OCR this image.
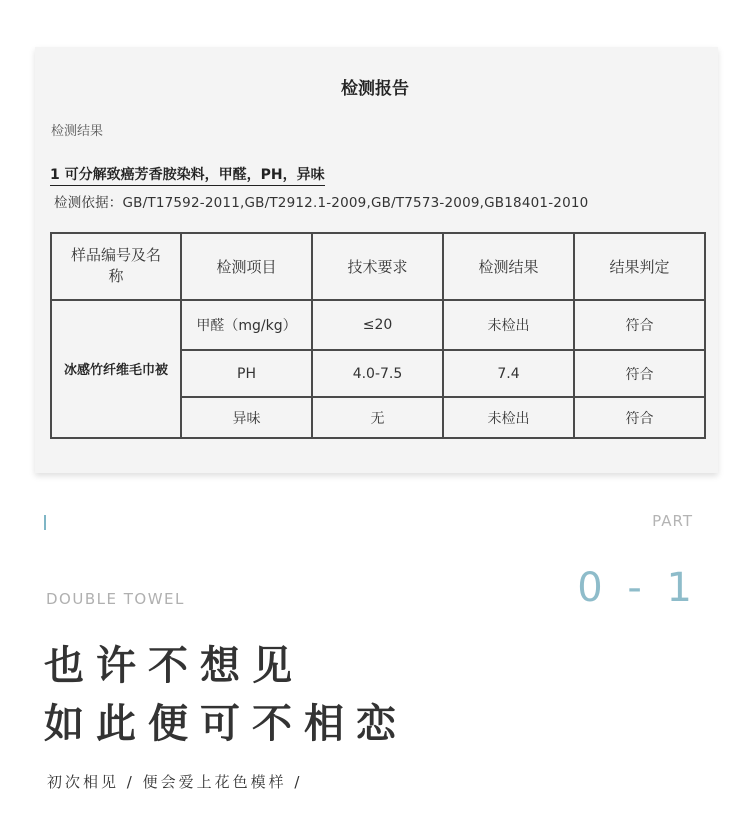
检测报告
检测结果
1 可分解致癌芳香胺染料，甲醛，PH，异味
检测依据：GB/T17592-2011,GB/T2912.1-2009,GB/T7573-2009,GB18401-2010
样品编号及名称	检测项目	技术要求	检测结果	结果判定
冰感竹纤维毛巾被	甲醛（mg/kg）	≤20	未检出	符合
	PH	4.0-7.5	7.4	符合
	异味	无	未检出	符合
PART
0 - 1
DOUBLE TOWEL
也许不想见
如此便可不相恋
初次相见 / 便会爱上花色模样 /
